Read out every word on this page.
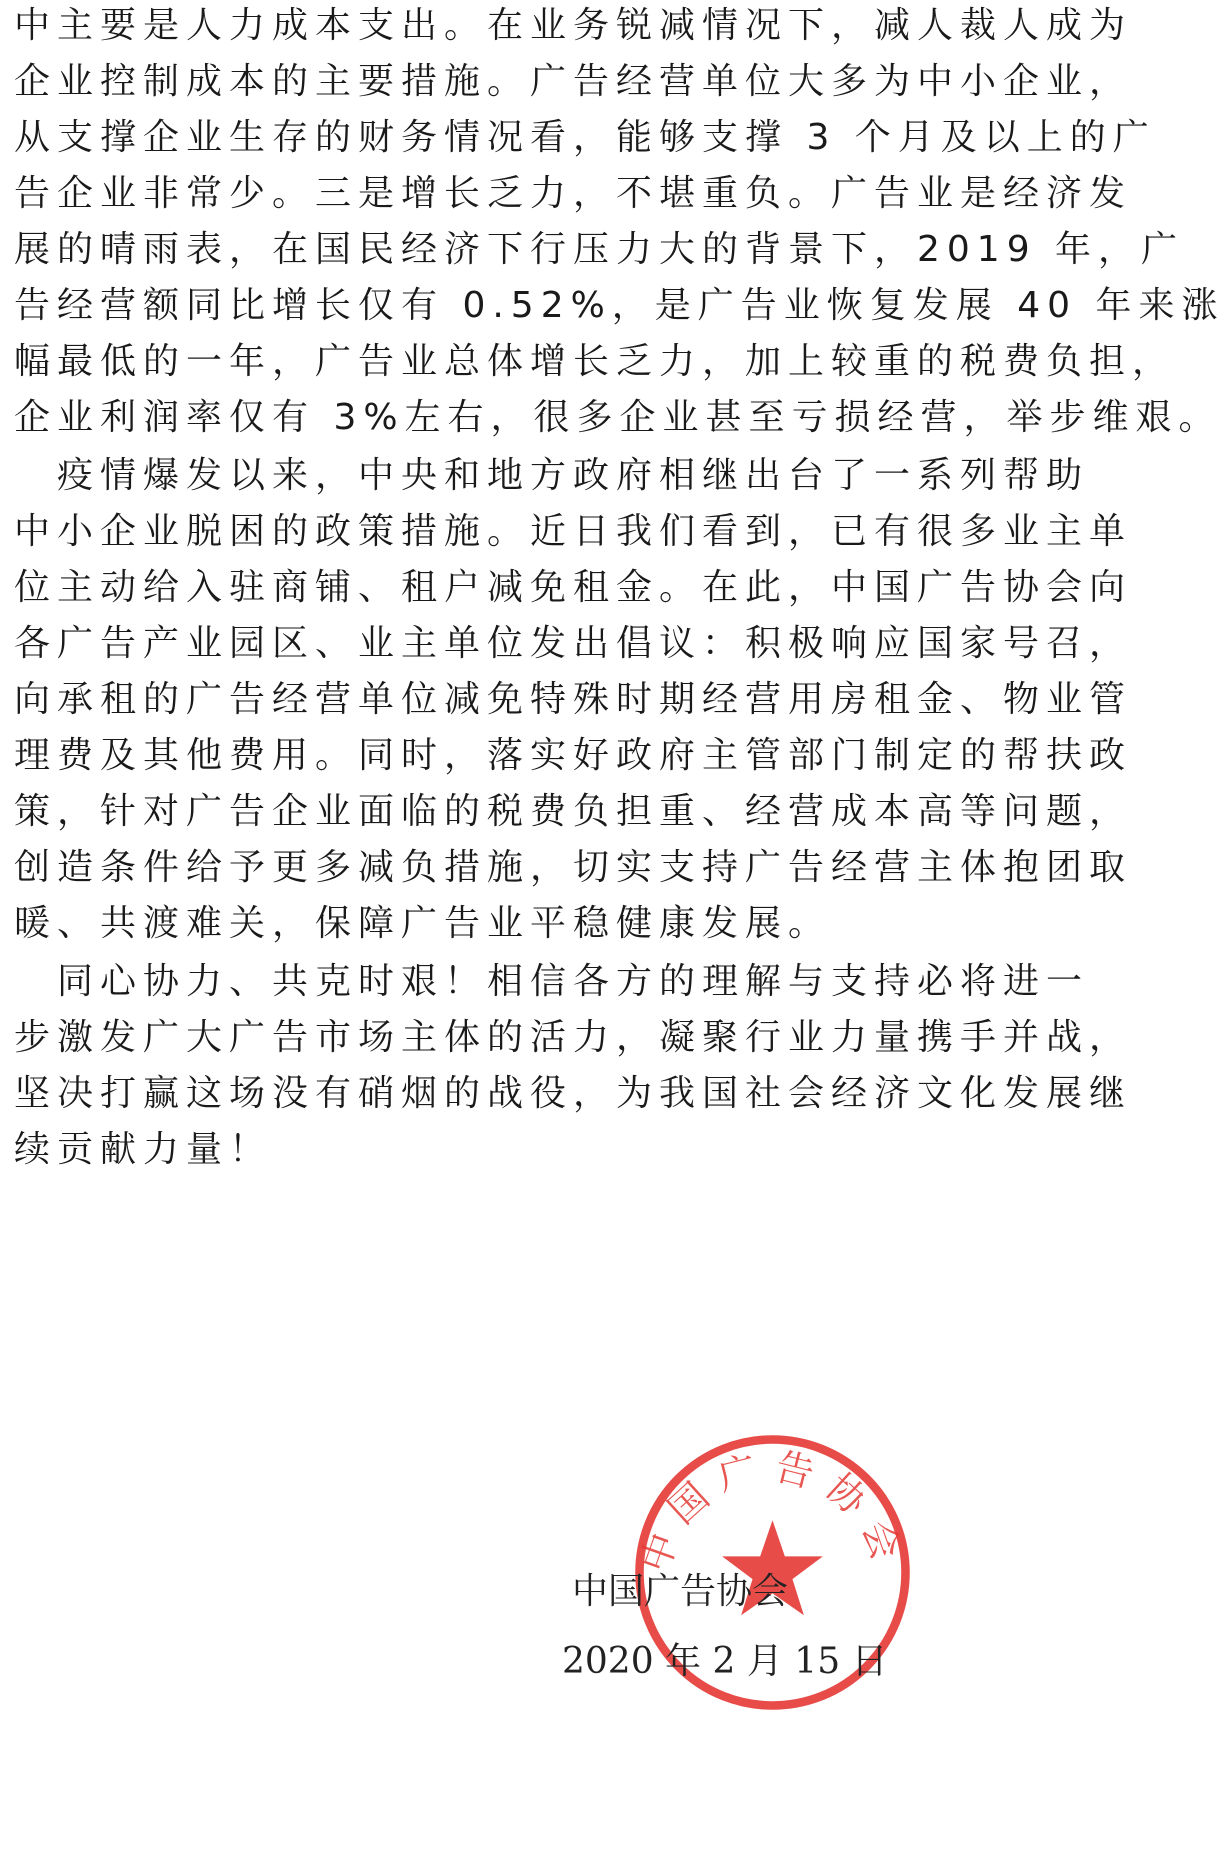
中主要是人力成本支出。在业务锐减情况下，减人裁人成为
企业控制成本的主要措施。广告经营单位大多为中小企业，
从支撑企业生存的财务情况看，能够支撑 3 个月及以上的广
告企业非常少。三是增长乏力，不堪重负。广告业是经济发
展的晴雨表，在国民经济下行压力大的背景下，2019 年，广
告经营额同比增长仅有 0.52%，是广告业恢复发展 40 年来涨
幅最低的一年，广告业总体增长乏力，加上较重的税费负担，
企业利润率仅有 3%左右，很多企业甚至亏损经营，举步维艰。
　疫情爆发以来，中央和地方政府相继出台了一系列帮助
中小企业脱困的政策措施。近日我们看到，已有很多业主单
位主动给入驻商铺、租户减免租金。在此，中国广告协会向
各广告产业园区、业主单位发出倡议：积极响应国家号召，
向承租的广告经营单位减免特殊时期经营用房租金、物业管
理费及其他费用。同时，落实好政府主管部门制定的帮扶政
策，针对广告企业面临的税费负担重、经营成本高等问题，
创造条件给予更多减负措施，切实支持广告经营主体抱团取
暖、共渡难关，保障广告业平稳健康发展。
　同心协力、共克时艰！相信各方的理解与支持必将进一
步激发广大广告市场主体的活力，凝聚行业力量携手并战，
坚决打赢这场没有硝烟的战役，为我国社会经济文化发展继
续贡献力量！
中国广告协会
中国广告协会
2020 年 2 月 15 日
